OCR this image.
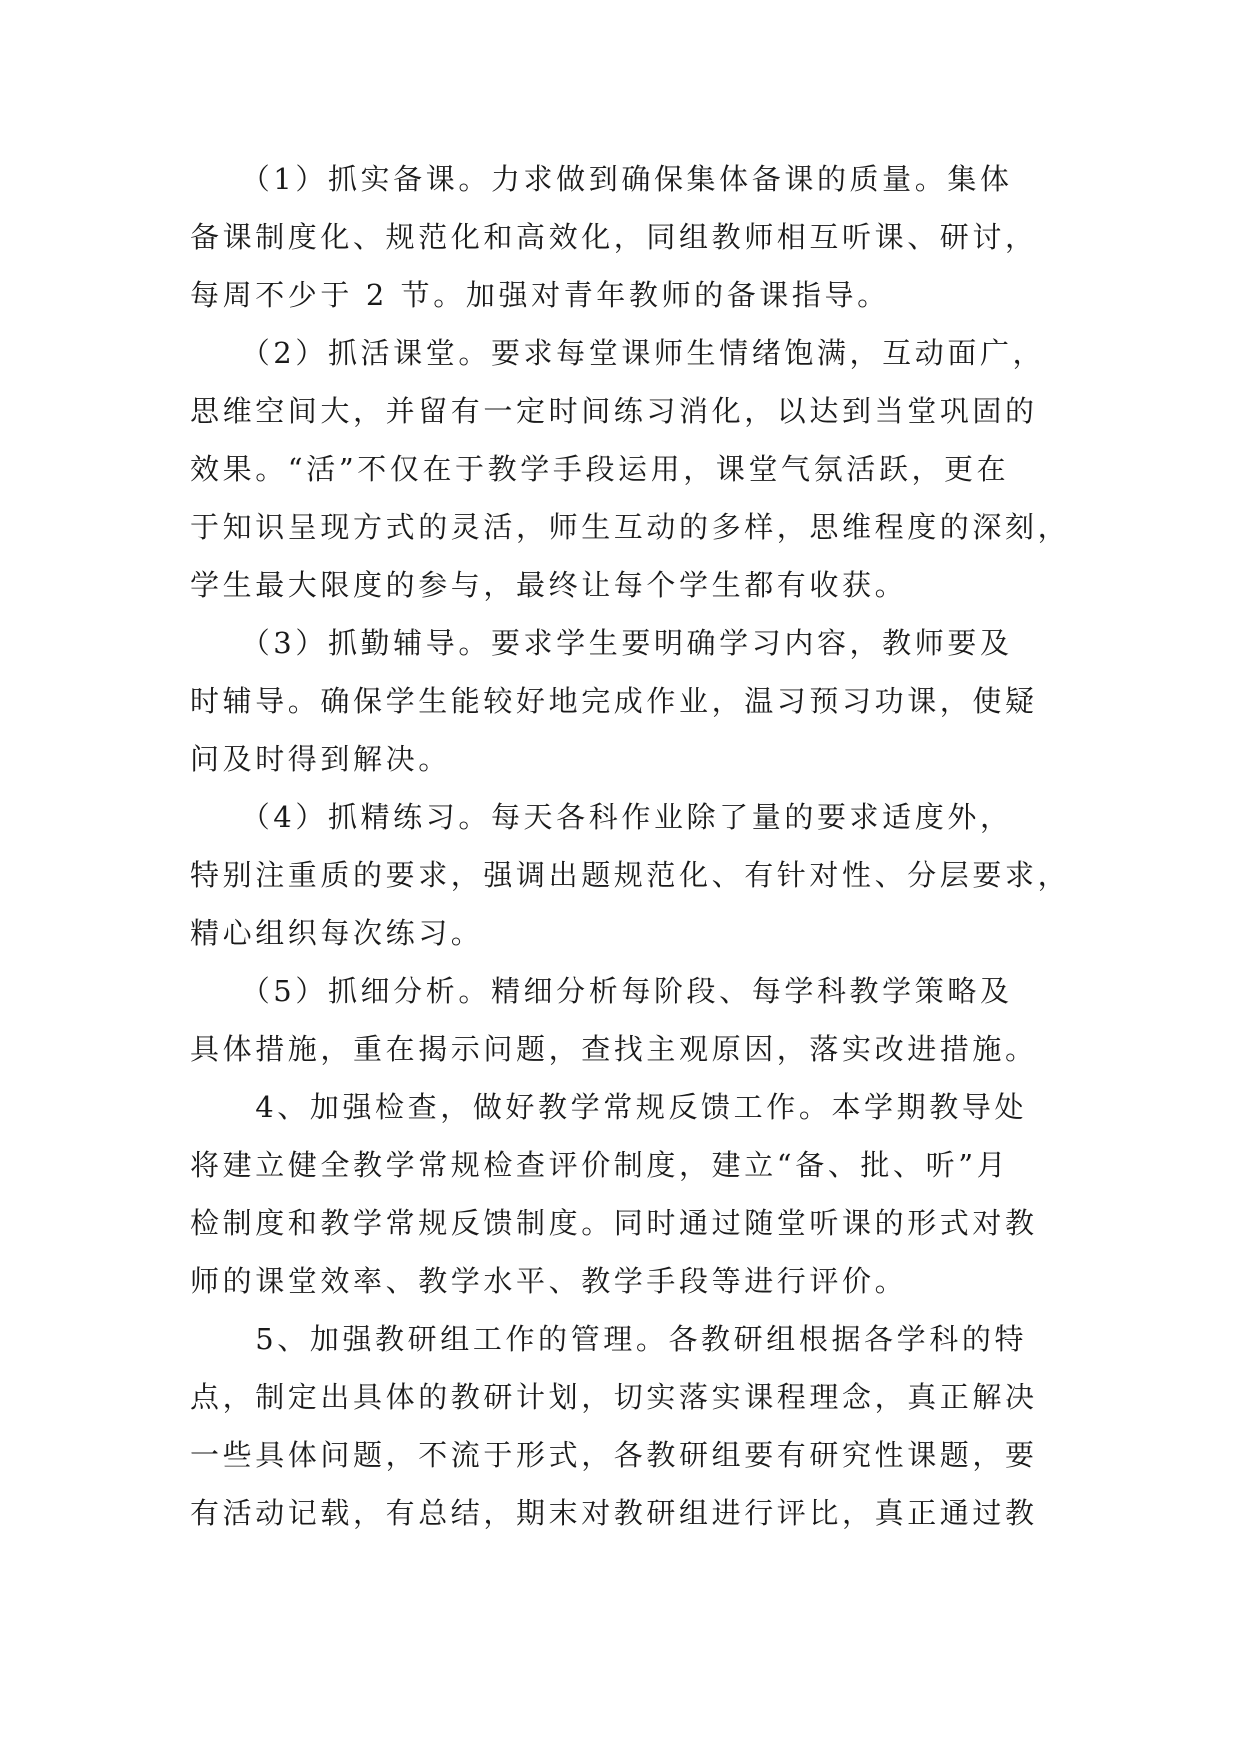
　　（1）抓实备课。力求做到确保集体备课的质量。集体
备课制度化、规范化和高效化，同组教师相互听课、研讨，
每周不少于 2 节。加强对青年教师的备课指导。
　　（2）抓活课堂。要求每堂课师生情绪饱满，互动面广，
思维空间大，并留有一定时间练习消化，以达到当堂巩固的
效果。“活”不仅在于教学手段运用，课堂气氛活跃，更在
于知识呈现方式的灵活，师生互动的多样，思维程度的深刻，
学生最大限度的参与，最终让每个学生都有收获。
　　（3）抓勤辅导。要求学生要明确学习内容，教师要及
时辅导。确保学生能较好地完成作业，温习预习功课，使疑
问及时得到解决。
　　（4）抓精练习。每天各科作业除了量的要求适度外，
特别注重质的要求，强调出题规范化、有针对性、分层要求，
精心组织每次练习。
　　（5）抓细分析。精细分析每阶段、每学科教学策略及
具体措施，重在揭示问题，查找主观原因，落实改进措施。
　　4、加强检查，做好教学常规反馈工作。本学期教导处
将建立健全教学常规检查评价制度，建立“备、批、听”月
检制度和教学常规反馈制度。同时通过随堂听课的形式对教
师的课堂效率、教学水平、教学手段等进行评价。
　　5、加强教研组工作的管理。各教研组根据各学科的特
点，制定出具体的教研计划，切实落实课程理念，真正解决
一些具体问题，不流于形式，各教研组要有研究性课题，要
有活动记载，有总结，期末对教研组进行评比，真正通过教
